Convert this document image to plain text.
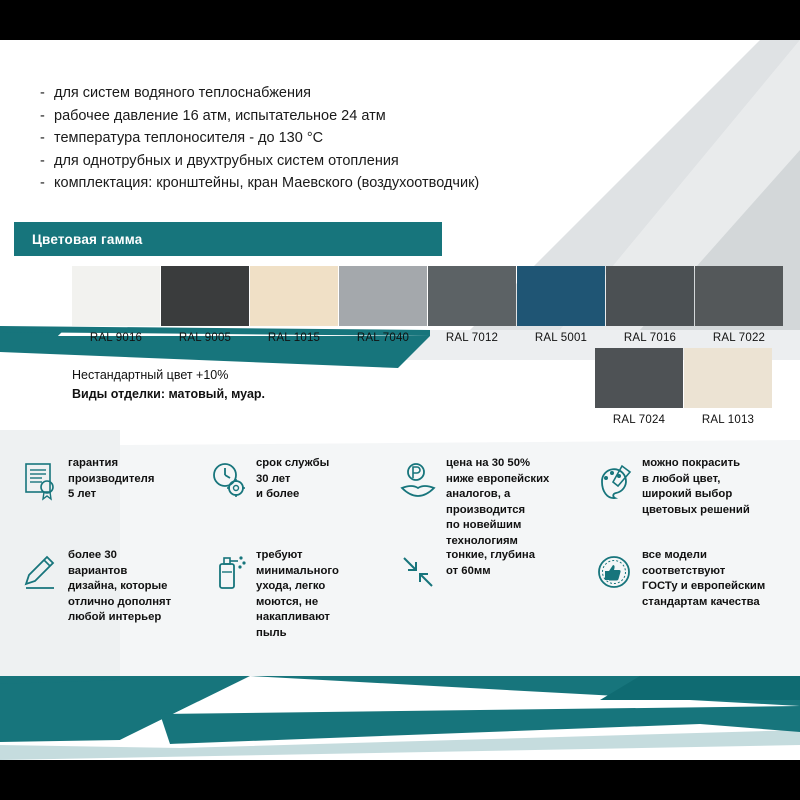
- для систем водяного теплоснабжения
- рабочее давление 16 атм, испытательное 24 атм
- температура теплоносителя - до 130 °C
- для однотрубных и двухтрубных систем отопления
- комплектация: кронштейны, кран Маевского (воздухоотводчик)
Цветовая гамма
RAL 9016	RAL 9005	RAL 1015	RAL 7040	RAL 7012	RAL 5001	RAL 7016	RAL 7022
RAL 7024	RAL 1013
Нестандартный цвет +10%
Виды отделки: матовый, муар.
гарантия
производителя
5 лет
срок службы
30 лет
и более
цена на 30 50%
ниже европейских
аналогов, а
производится
по новейшим
технологиям
можно покрасить
в любой цвет,
широкий выбор
цветовых решений
более 30
вариантов
дизайна, которые
отлично дополнят
любой интерьер
требуют
минимального
ухода, легко
моются, не
накапливают
пыль
тонкие, глубина
от 60мм
все модели
соответствуют
ГОСТу и европейским
стандартам качества
